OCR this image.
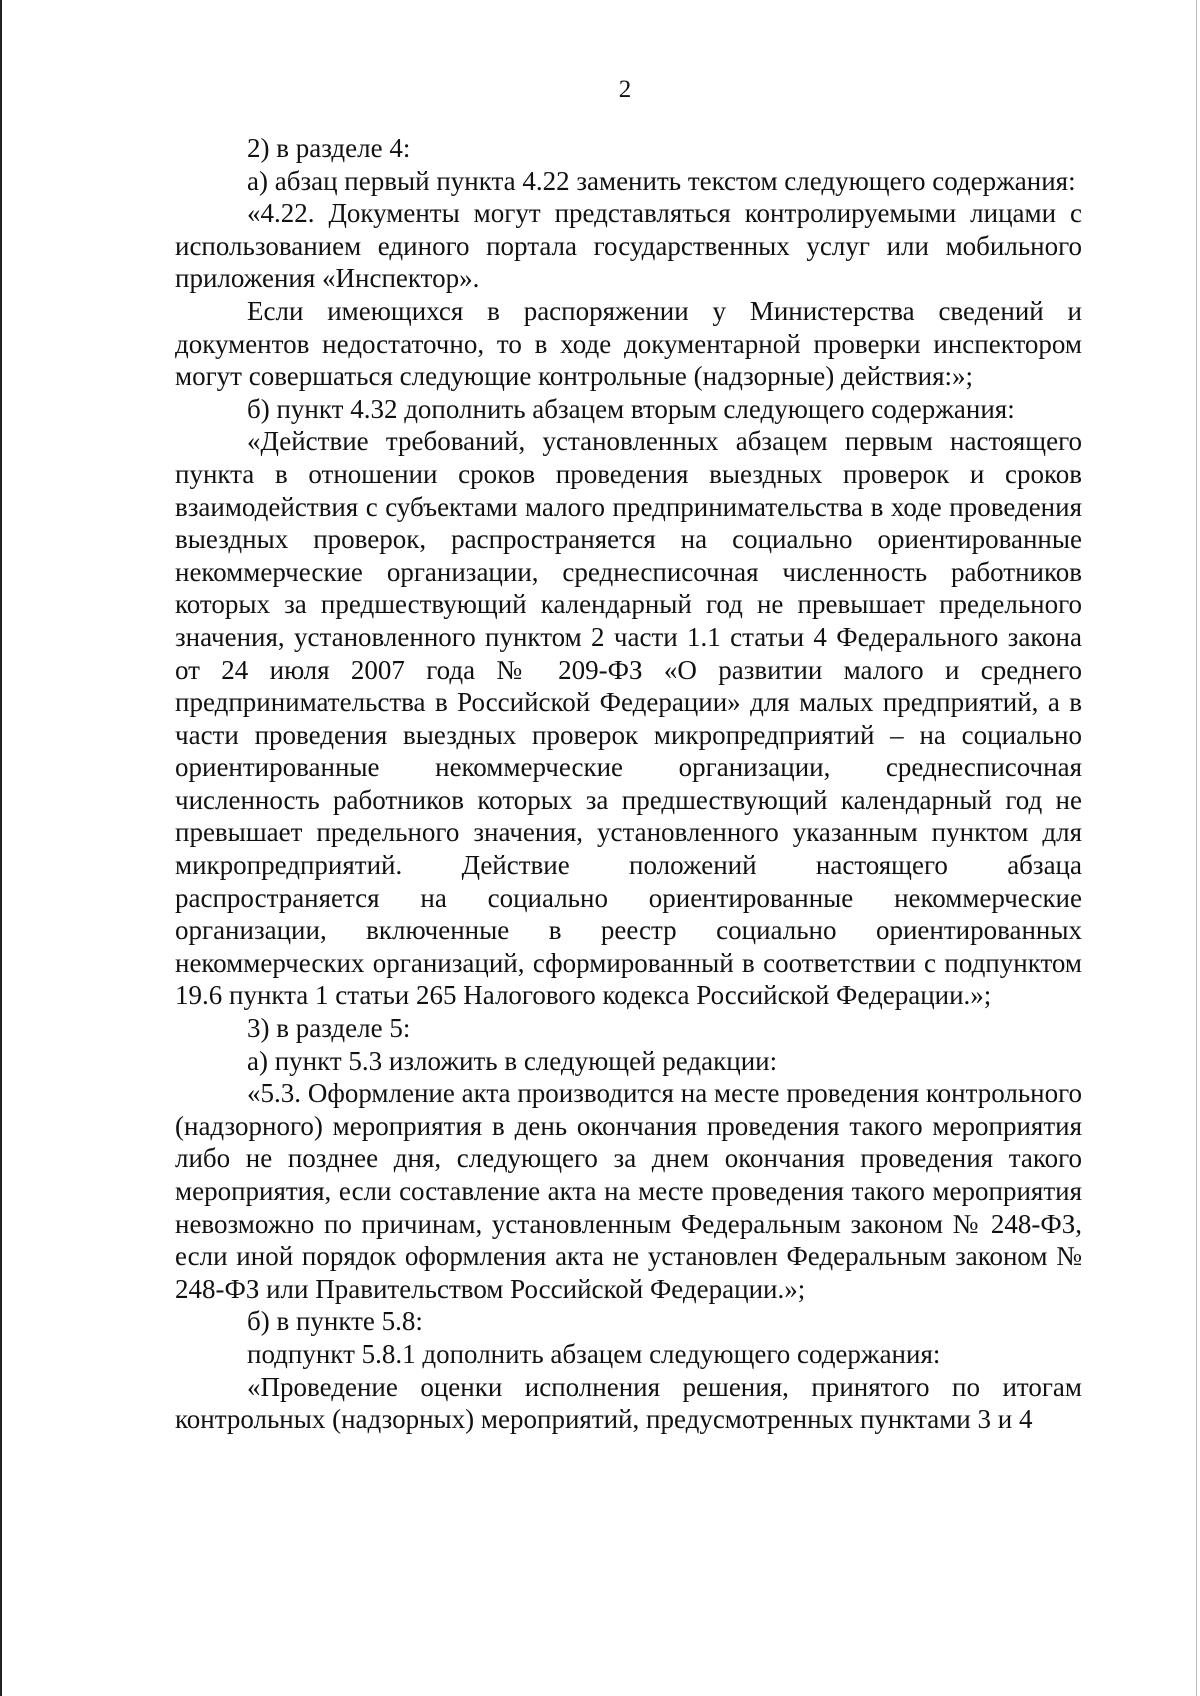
2

2) в разделе 4:

а) абзац первый пункта 4.22 заменить текстом следующего содержания:

«4.22. Документы могут представляться контролируемыми лицами с использованием единого портала государственных услуг или мобильного приложения «Инспектор».

Если имеющихся в распоряжении у Министерства сведений и документов недостаточно, то в ходе документарной проверки инспектором могут совершаться следующие контрольные (надзорные) действия:»;

б) пункт 4.32 дополнить абзацем вторым следующего содержания:

«Действие требований, установленных абзацем первым настоящего пункта в отношении сроков проведения выездных проверок и сроков взаимодействия с субъектами малого предпринимательства в ходе проведения выездных проверок, распространяется на социально ориентированные некоммерческие организации, среднесписочная численность работников которых за предшествующий календарный год не превышает предельного значения, установленного пунктом 2 части 1.1 статьи 4 Федерального закона от 24 июля 2007 года № 209-ФЗ «О развитии малого и среднего предпринимательства в Российской Федерации» для малых предприятий, а в части проведения выездных проверок микропредприятий – на социально ориентированные некоммерческие организации, среднесписочная численность работников которых за предшествующий календарный год не превышает предельного значения, установленного указанным пунктом для микропредприятий. Действие положений настоящего абзаца распространяется на социально ориентированные некоммерческие организации, включенные в реестр социально ориентированных некоммерческих организаций, сформированный в соответствии с подпунктом 19.6 пункта 1 статьи 265 Налогового кодекса Российской Федерации.»;

3) в разделе 5:

а) пункт 5.3 изложить в следующей редакции:

«5.3. Оформление акта производится на месте проведения контрольного (надзорного) мероприятия в день окончания проведения такого мероприятия либо не позднее дня, следующего за днем окончания проведения такого мероприятия, если составление акта на месте проведения такого мероприятия невозможно по причинам, установленным Федеральным законом № 248-ФЗ, если иной порядок оформления акта не установлен Федеральным законом № 248-ФЗ или Правительством Российской Федерации.»;

б) в пункте 5.8:

подпункт 5.8.1 дополнить абзацем следующего содержания:

«Проведение оценки исполнения решения, принятого по итогам контрольных (надзорных) мероприятий, предусмотренных пунктами 3 и 4
